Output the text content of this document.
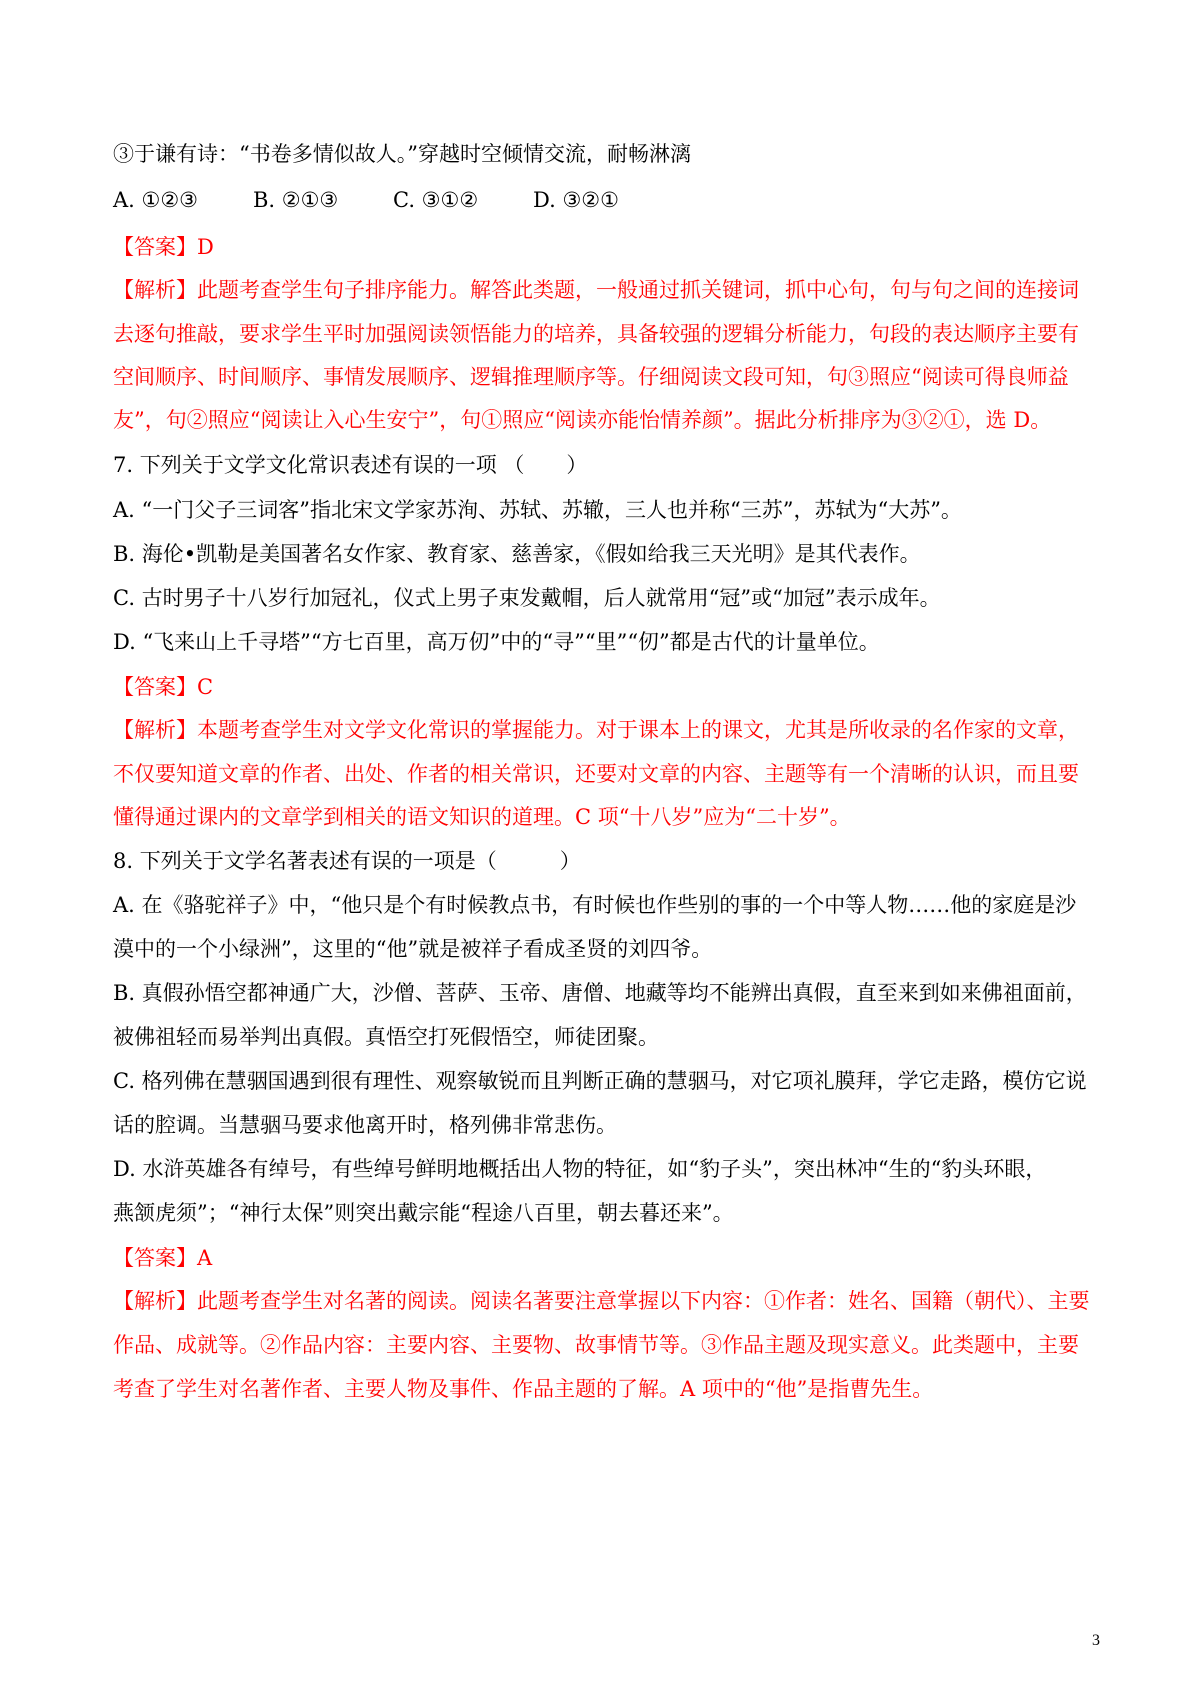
③于谦有诗：“书卷多情似故人。”穿越时空倾情交流，耐畅淋漓
A. ①②③	B. ②①③	C. ③①②	D. ③②①
【答案】D
【解析】此题考查学生句子排序能力。解答此类题，一般通过抓关键词，抓中心句，句与句之间的连接词
去逐句推敲，要求学生平时加强阅读领悟能力的培养，具备较强的逻辑分析能力，句段的表达顺序主要有
空间顺序、时间顺序、事情发展顺序、逻辑推理顺序等。仔细阅读文段可知，句③照应“阅读可得良师益
友”，句②照应“阅读让入心生安宁”，句①照应“阅读亦能怡情养颜”。据此分析排序为③②①，选 D。
7. 下列关于文学文化常识表述有误的一项 （　　）
A. “一门父子三词客”指北宋文学家苏洵、苏轼、苏辙，三人也并称“三苏”，苏轼为“大苏”。
B. 海伦•凯勒是美国著名女作家、教育家、慈善家，《假如给我三天光明》是其代表作。
C. 古时男子十八岁行加冠礼，仪式上男子束发戴帽，后人就常用“冠”或“加冠”表示成年。
D. “飞来山上千寻塔”“方七百里，高万仞”中的“寻”“里”“仞”都是古代的计量单位。
【答案】C
【解析】本题考查学生对文学文化常识的掌握能力。对于课本上的课文，尤其是所收录的名作家的文章，
不仅要知道文章的作者、出处、作者的相关常识，还要对文章的内容、主题等有一个清晰的认识，而且要
懂得通过课内的文章学到相关的语文知识的道理。C 项“十八岁”应为“二十岁”。
8. 下列关于文学名著表述有误的一项是（　　　）
A. 在《骆驼祥子》中，“他只是个有时候教点书，有时候也作些别的事的一个中等人物……他的家庭是沙
漠中的一个小绿洲”，这里的“他”就是被祥子看成圣贤的刘四爷。
B. 真假孙悟空都神通广大，沙僧、菩萨、玉帝、唐僧、地藏等均不能辨出真假，直至来到如来佛祖面前，
被佛祖轻而易举判出真假。真悟空打死假悟空，师徒团聚。
C. 格列佛在慧骃国遇到很有理性、观察敏锐而且判断正确的慧骃马，对它项礼膜拜，学它走路，模仿它说
话的腔调。当慧骃马要求他离开时，格列佛非常悲伤。
D. 水浒英雄各有绰号，有些绰号鲜明地概括出人物的特征，如“豹子头”，突出林冲“生的“豹头环眼，
燕颔虎须”；“神行太保”则突出戴宗能“程途八百里，朝去暮还来”。
【答案】A
【解析】此题考查学生对名著的阅读。阅读名著要注意掌握以下内容：①作者：姓名、国籍（朝代）、主要
作品、成就等。②作品内容：主要内容、主要物、故事情节等。③作品主题及现实意义。此类题中，主要
考查了学生对名著作者、主要人物及事件、作品主题的了解。A 项中的“他”是指曹先生。
3
